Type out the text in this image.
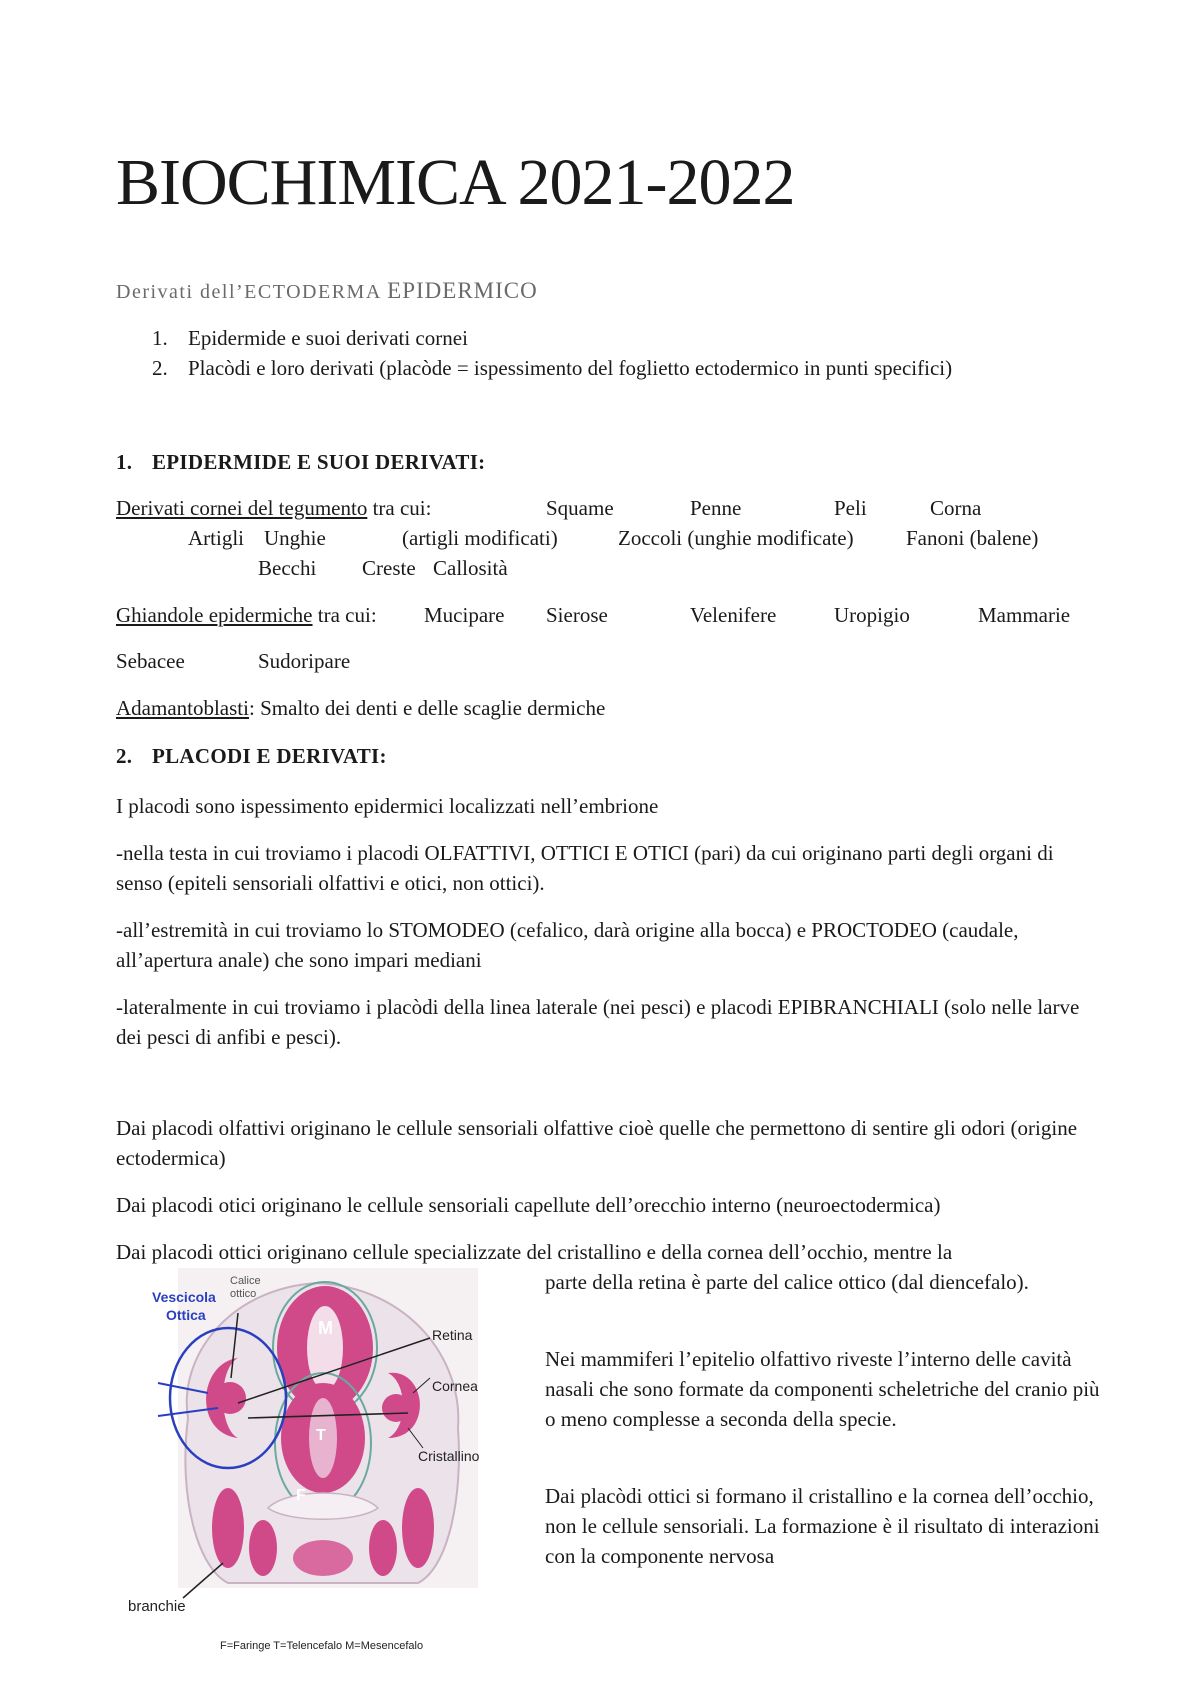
BIOCHIMICA 2021-2022
Derivati dell’ECTODERMA EPIDERMICO
1. Epidermide e suoi derivati cornei
2. Placòdi e loro derivati (placòde = ispessimento del foglietto ectodermico in punti specifici)
1. EPIDERMIDE E SUOI DERIVATI:
Derivati cornei del tegumento tra cui:	Squame	Penne	Peli	Corna
Artigli Unghie	(artigli modificati)	Zoccoli (unghie modificate) Fanoni (balene)
Becchi Creste Callosità
Ghiandole epidermiche tra cui: Mucipare Sierose	Velenifere	Uropigio	Mammarie
Sebacee	Sudoripare
Adamantoblasti: Smalto dei denti e delle scaglie dermiche
2. PLACODI E DERIVATI:
I placodi sono ispessimento epidermici localizzati nell’embrione
-nella testa in cui troviamo i placodi OLFATTIVI, OTTICI E OTICI (pari) da cui originano parti degli organi di senso (epiteli sensoriali olfattivi e otici, non ottici).
-all’estremità in cui troviamo lo STOMODEO (cefalico, darà origine alla bocca) e PROCTODEO (caudale, all’apertura anale) che sono impari mediani
-lateralmente in cui troviamo i placòdi della linea laterale (nei pesci) e placodi EPIBRANCHIALI (solo nelle larve dei pesci di anfibi e pesci).
Dai placodi olfattivi originano le cellule sensoriali olfattive cioè quelle che permettono di sentire gli odori (origine ectodermica)
Dai placodi otici originano le cellule sensoriali capellute dell’orecchio interno (neuroectodermica)
Dai placodi ottici originano cellule specializzate del cristallino e della cornea dell’occhio, mentre la
parte della retina è parte del calice ottico (dal diencefalo).
Nei mammiferi l’epitelio olfattivo riveste l’interno delle cavità nasali che sono formate da componenti scheletriche del cranio più o meno complesse a seconda della specie.
Dai placòdi ottici si formano il cristallino e la cornea dell’occhio, non le cellule sensoriali. La formazione è il risultato di interazioni con la componente nervosa
Vescicola
Ottica
Calice
ottico
Retina
Cornea
Cristallino
branchie
M
T
F
F=Faringe T=Telencefalo M=Mesencefalo
